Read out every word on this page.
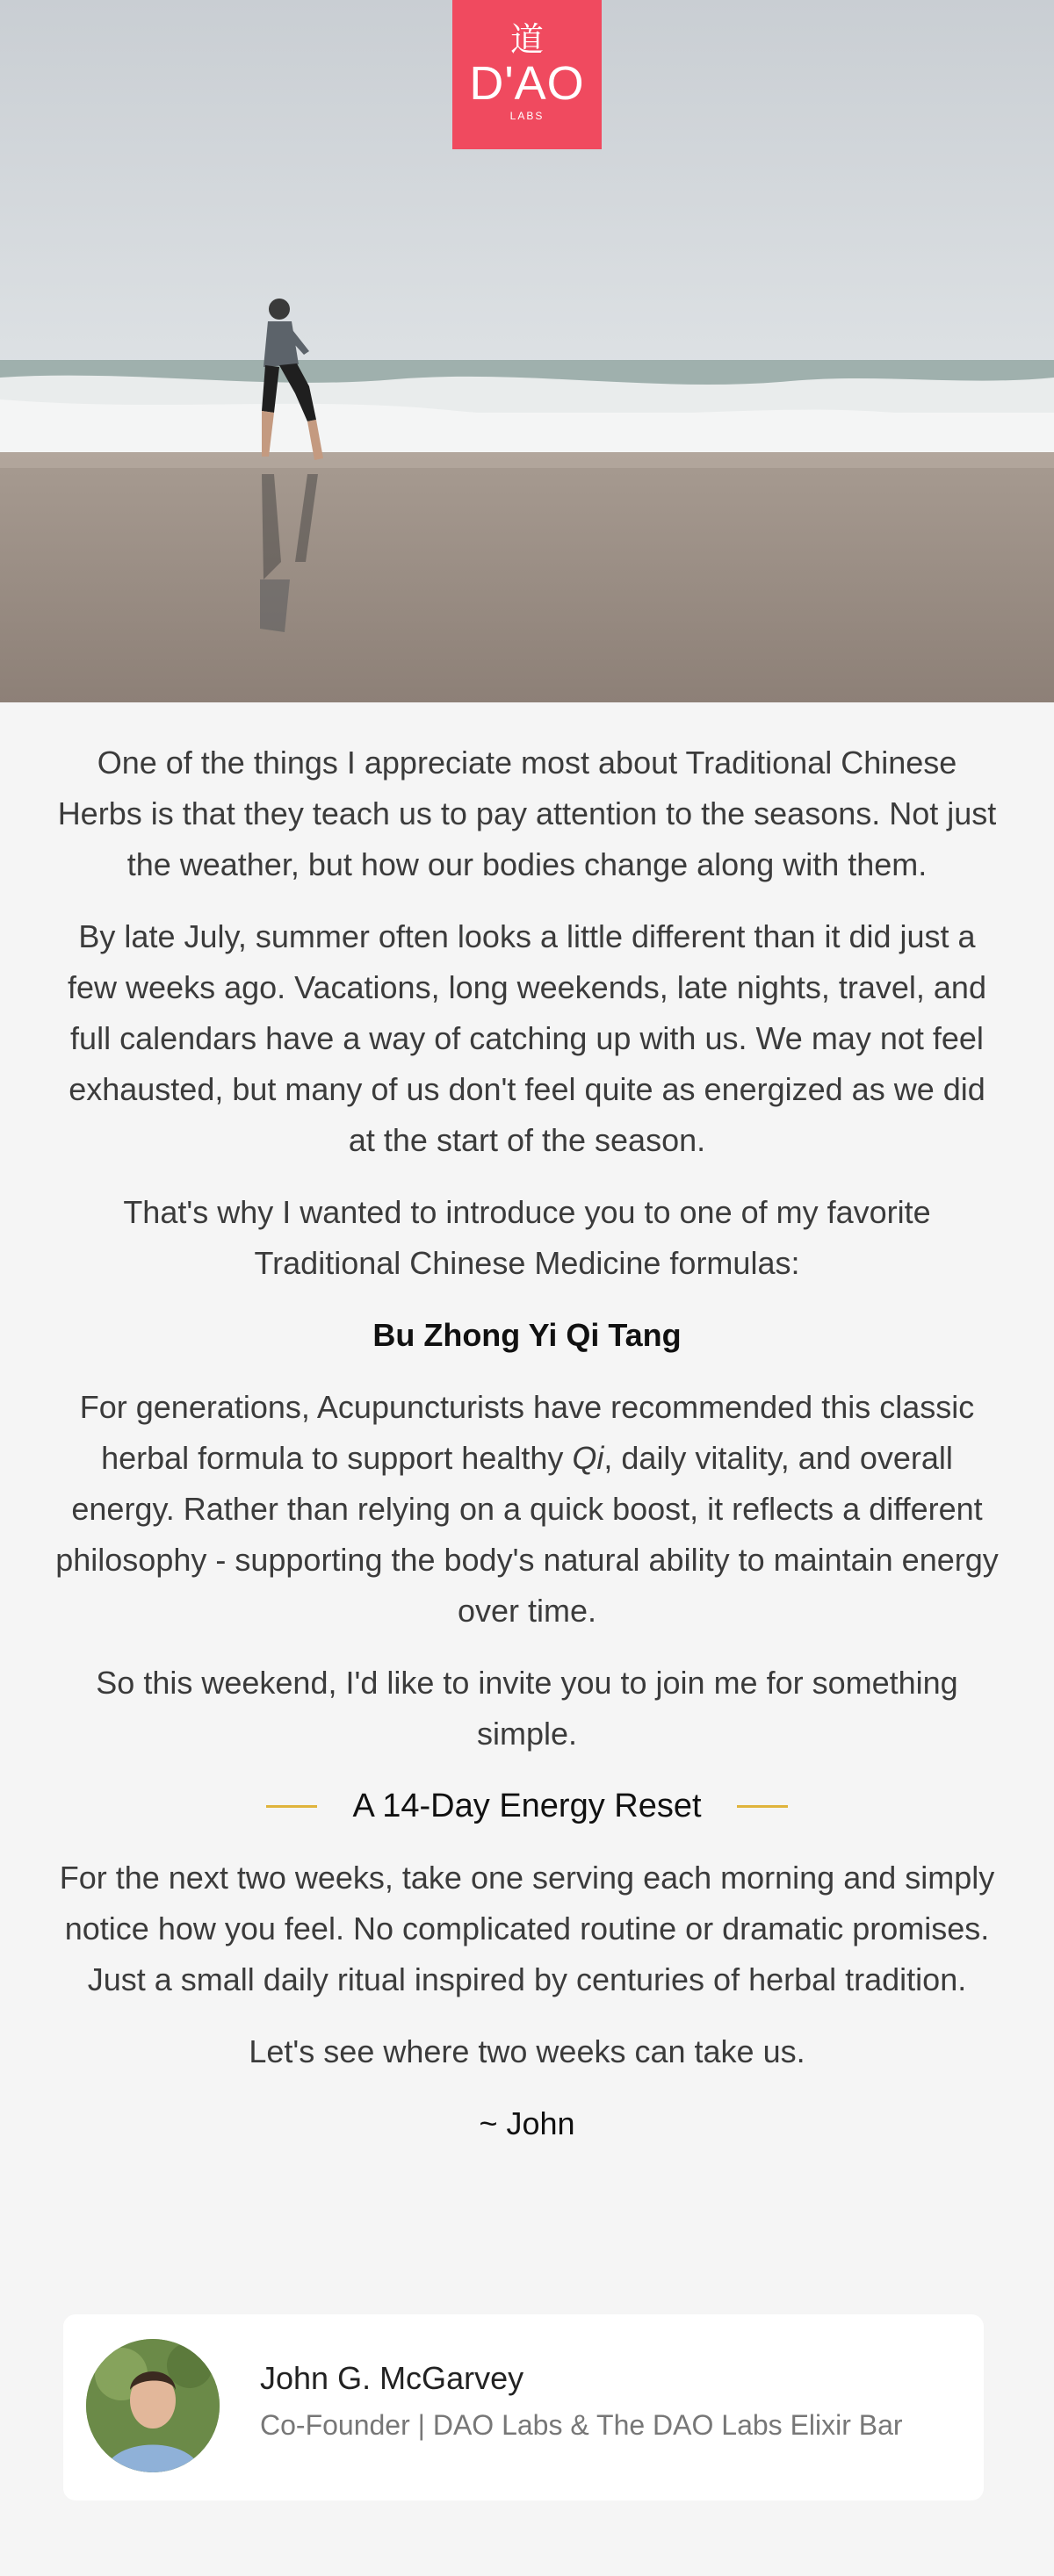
道
D'AO
LABS

One of the things I appreciate most about Traditional Chinese Herbs is that they teach us to pay attention to the seasons. Not just the weather, but how our bodies change along with them.

By late July, summer often looks a little different than it did just a few weeks ago. Vacations, long weekends, late nights, travel, and full calendars have a way of catching up with us. We may not feel exhausted, but many of us don't feel quite as energized as we did at the start of the season.

That's why I wanted to introduce you to one of my favorite Traditional Chinese Medicine formulas:

Bu Zhong Yi Qi Tang

For generations, Acupuncturists have recommended this classic herbal formula to support healthy Qi, daily vitality, and overall energy. Rather than relying on a quick boost, it reflects a different philosophy - supporting the body's natural ability to maintain energy over time.

So this weekend, I'd like to invite you to join me for something simple.

A 14-Day Energy Reset

For the next two weeks, take one serving each morning and simply notice how you feel. No complicated routine or dramatic promises. Just a small daily ritual inspired by centuries of herbal tradition.

Let's see where two weeks can take us.

~ John

John G. McGarvey
Co-Founder | DAO Labs & The DAO Labs Elixir Bar
